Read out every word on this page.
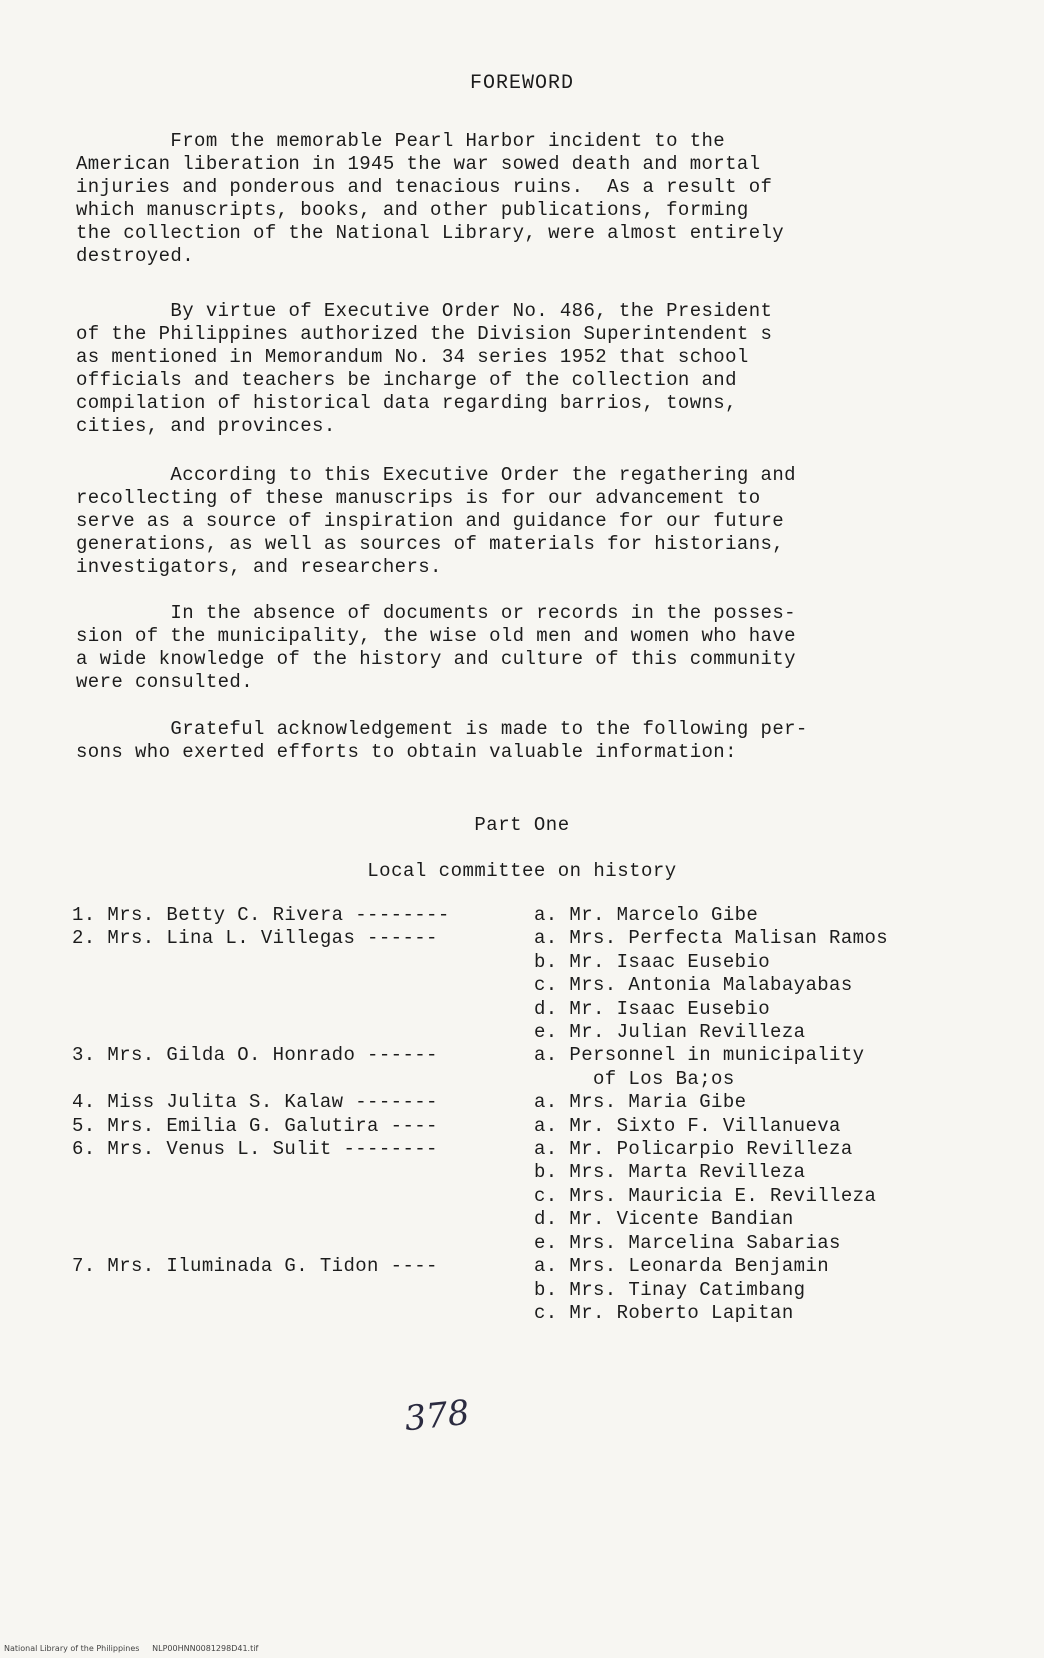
FOREWORD

From the memorable Pearl Harbor incident to the
American liberation in 1945 the war sowed death and mortal
injuries and ponderous and tenacious ruins.  As a result of
which manuscripts, books, and other publications, forming
the collection of the National Library, were almost entirely
destroyed.

By virtue of Executive Order No. 486, the President
of the Philippines authorized the Division Superintendent s
as mentioned in Memorandum No. 34 series 1952 that school
officials and teachers be incharge of the collection and
compilation of historical data regarding barrios, towns,
cities, and provinces.

According to this Executive Order the regathering and
recollecting of these manuscrips is for our advancement to
serve as a source of inspiration and guidance for our future
generations, as well as sources of materials for historians,
investigators, and researchers.

In the absence of documents or records in the posses-
sion of the municipality, the wise old men and women who have
a wide knowledge of the history and culture of this community
were consulted.

Grateful acknowledgement is made to the following per-
sons who exerted efforts to obtain valuable information:

Part One
Local committee on history
1. Mrs. Betty C. Rivera --------	a. Mr. Marcelo Gibe
2. Mrs. Lina L. Villegas ------	a. Mrs. Perfecta Malisan Ramos
b. Mr. Isaac Eusebio
c. Mrs. Antonia Malabayabas
d. Mr. Isaac Eusebio
e. Mr. Julian Revilleza
3. Mrs. Gilda O. Honrado ------	a. Personnel in municipality
of Los Ba;os
4. Miss Julita S. Kalaw -------	a. Mrs. Maria Gibe
5. Mrs. Emilia G. Galutira ----	a. Mr. Sixto F. Villanueva
6. Mrs. Venus L. Sulit --------	a. Mr. Policarpio Revilleza
b. Mrs. Marta Revilleza
c. Mrs. Mauricia E. Revilleza
d. Mr. Vicente Bandian
e. Mrs. Marcelina Sabarias
7. Mrs. Iluminada G. Tidon ----	a. Mrs. Leonarda Benjamin
b. Mrs. Tinay Catimbang
c. Mr. Roberto Lapitan
378
National Library of the Philippines     NLP00HNN0081298D41.tif
